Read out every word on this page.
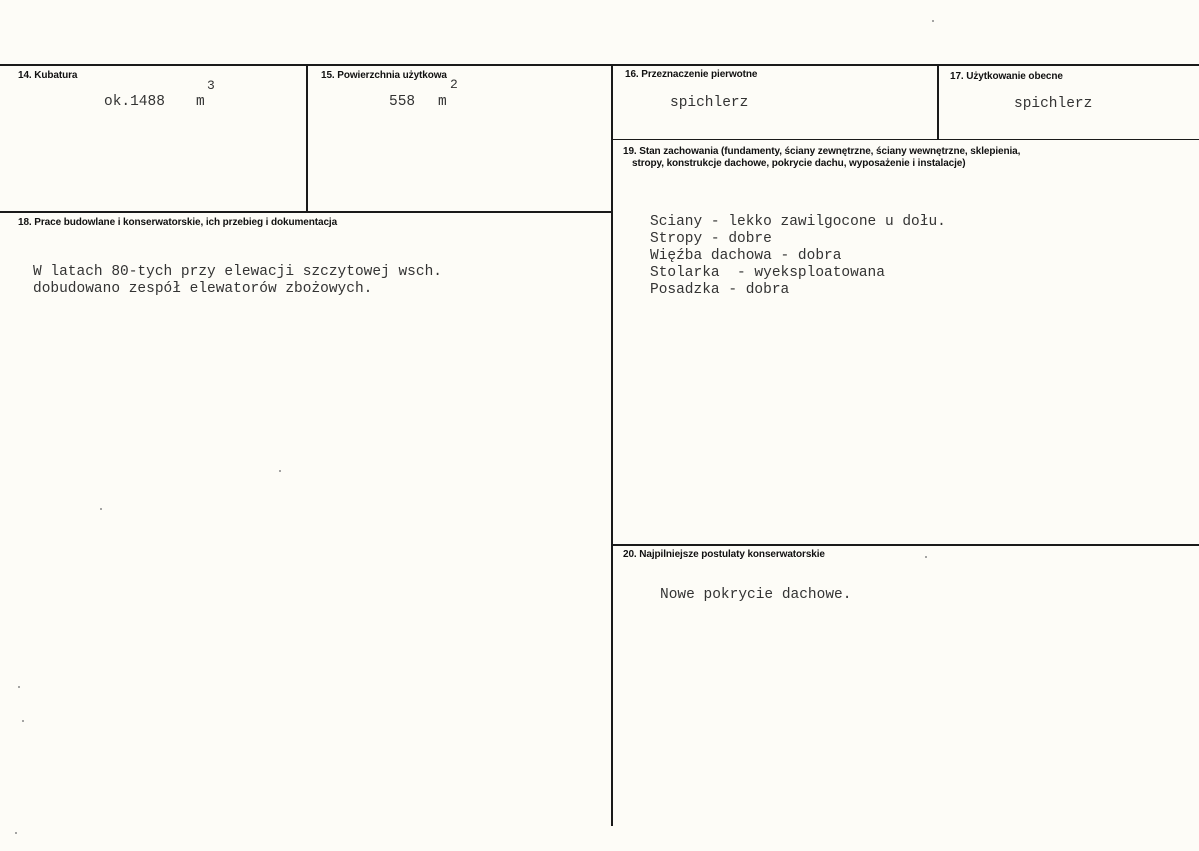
14. Kubatura
ok.1488 m
3
15. Powierzchnia użytkowa
558 m
2
16. Przeznaczenie pierwotne
spichlerz
17. Użytkowanie obecne
spichlerz
18. Prace budowlane i konserwatorskie, ich przebieg i dokumentacja
W latach 80-tych przy elewacji szczytowej wsch.
dobudowano zespół elewatorów zbożowych.
19. Stan zachowania (fundamenty, ściany zewnętrzne, ściany wewnętrzne, sklepienia,
stropy, konstrukcje dachowe, pokrycie dachu, wyposażenie i instalacje)
Sciany - lekko zawilgocone u dołu.
Stropy - dobre
Więźba dachowa - dobra
Stolarka  - wyeksploatowana
Posadzka - dobra
20. Najpilniejsze postulaty konserwatorskie
Nowe pokrycie dachowe.
